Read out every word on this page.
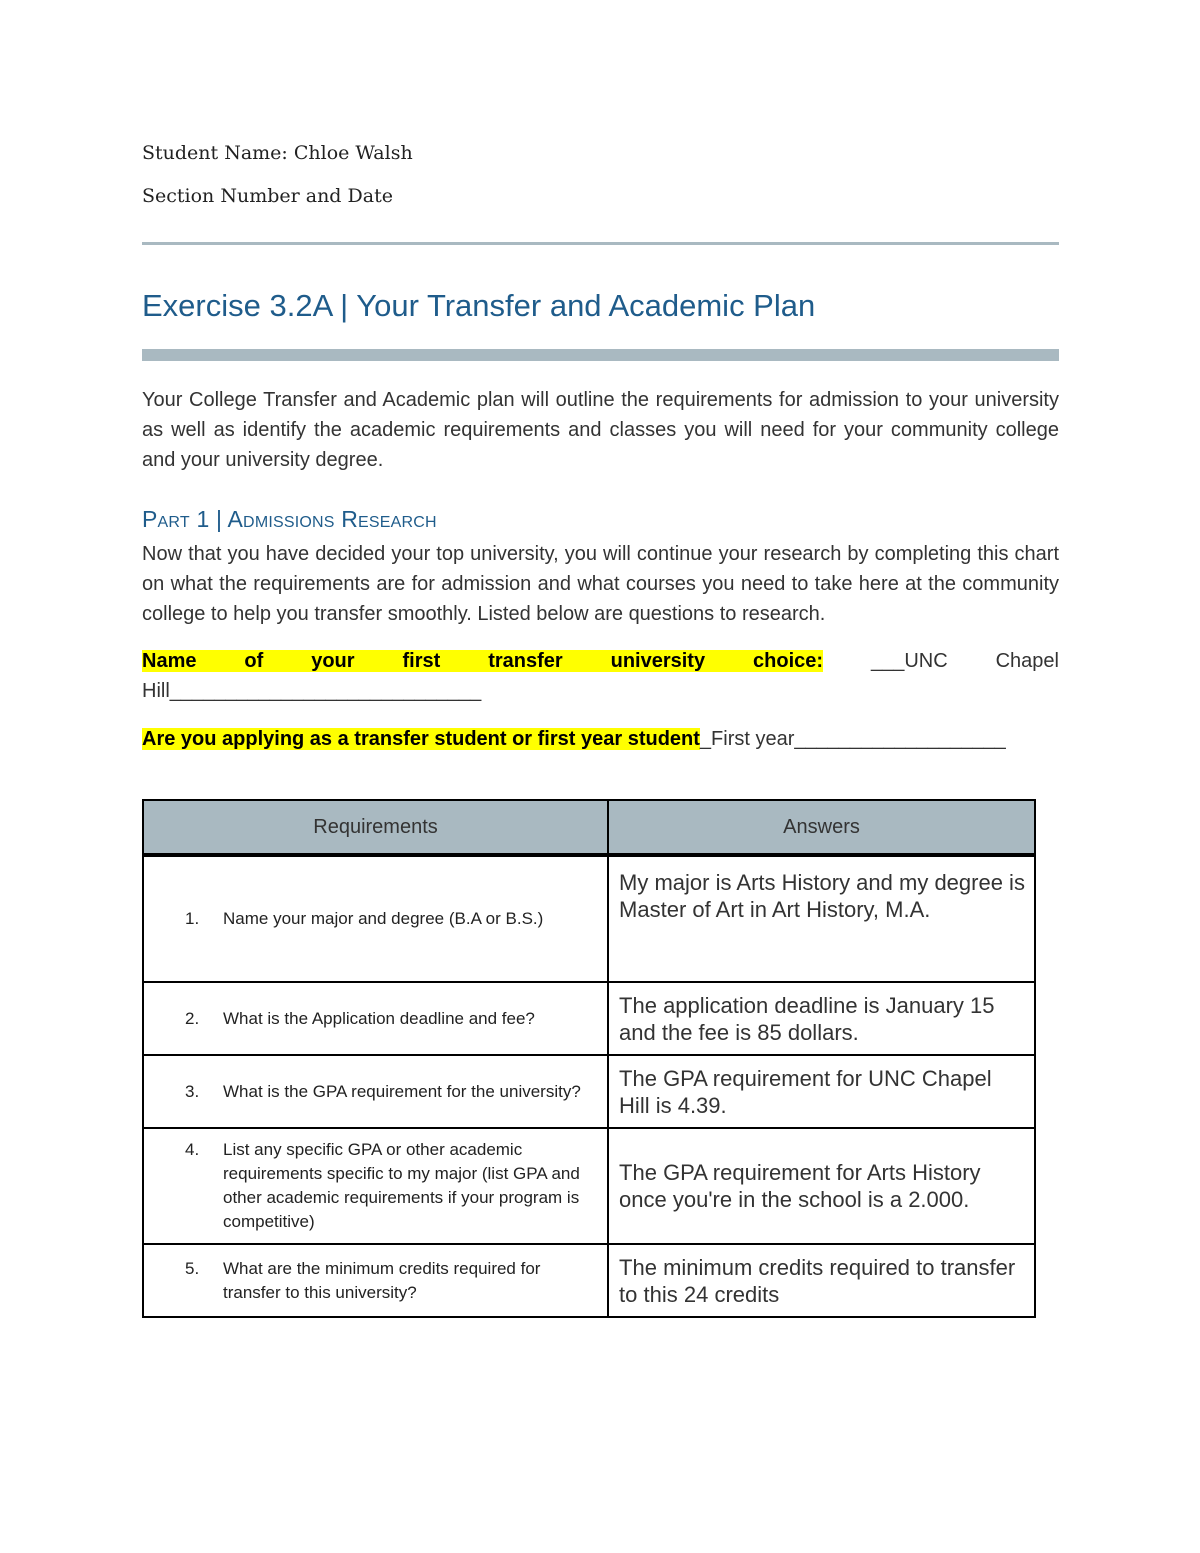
Student Name: Chloe Walsh
Section Number and Date
Exercise 3.2A | Your Transfer and Academic Plan
Your College Transfer and Academic plan will outline the requirements for admission to your university as well as identify the academic requirements and classes you will need for your community college and your university degree.
Part 1 | Admissions Research
Now that you have decided your top university, you will continue your research by completing this chart on what the requirements are for admission and what courses you need to take here at the community college to help you transfer smoothly. Listed below are questions to research.
Name of your first transfer university choice: ___UNC Chapel Hill____________________________
Are you applying as a transfer student or first year student_First year___________________
Requirements	Answers

1. Name your major and degree (B.A or B.S.)	My major is Arts History and my degree is Master of Art in Art History, M.A.

2. What is the Application deadline and fee?	The application deadline is January 15 and the fee is 85 dollars.

3. What is the GPA requirement for the university?	The GPA requirement for UNC Chapel Hill is 4.39.

4. List any specific GPA or other academic requirements specific to my major (list GPA and other academic requirements if your program is competitive)	The GPA requirement for Arts History once you're in the school is a 2.000.

5. What are the minimum credits required for transfer to this university?	The minimum credits required to transfer to this 24 credits
